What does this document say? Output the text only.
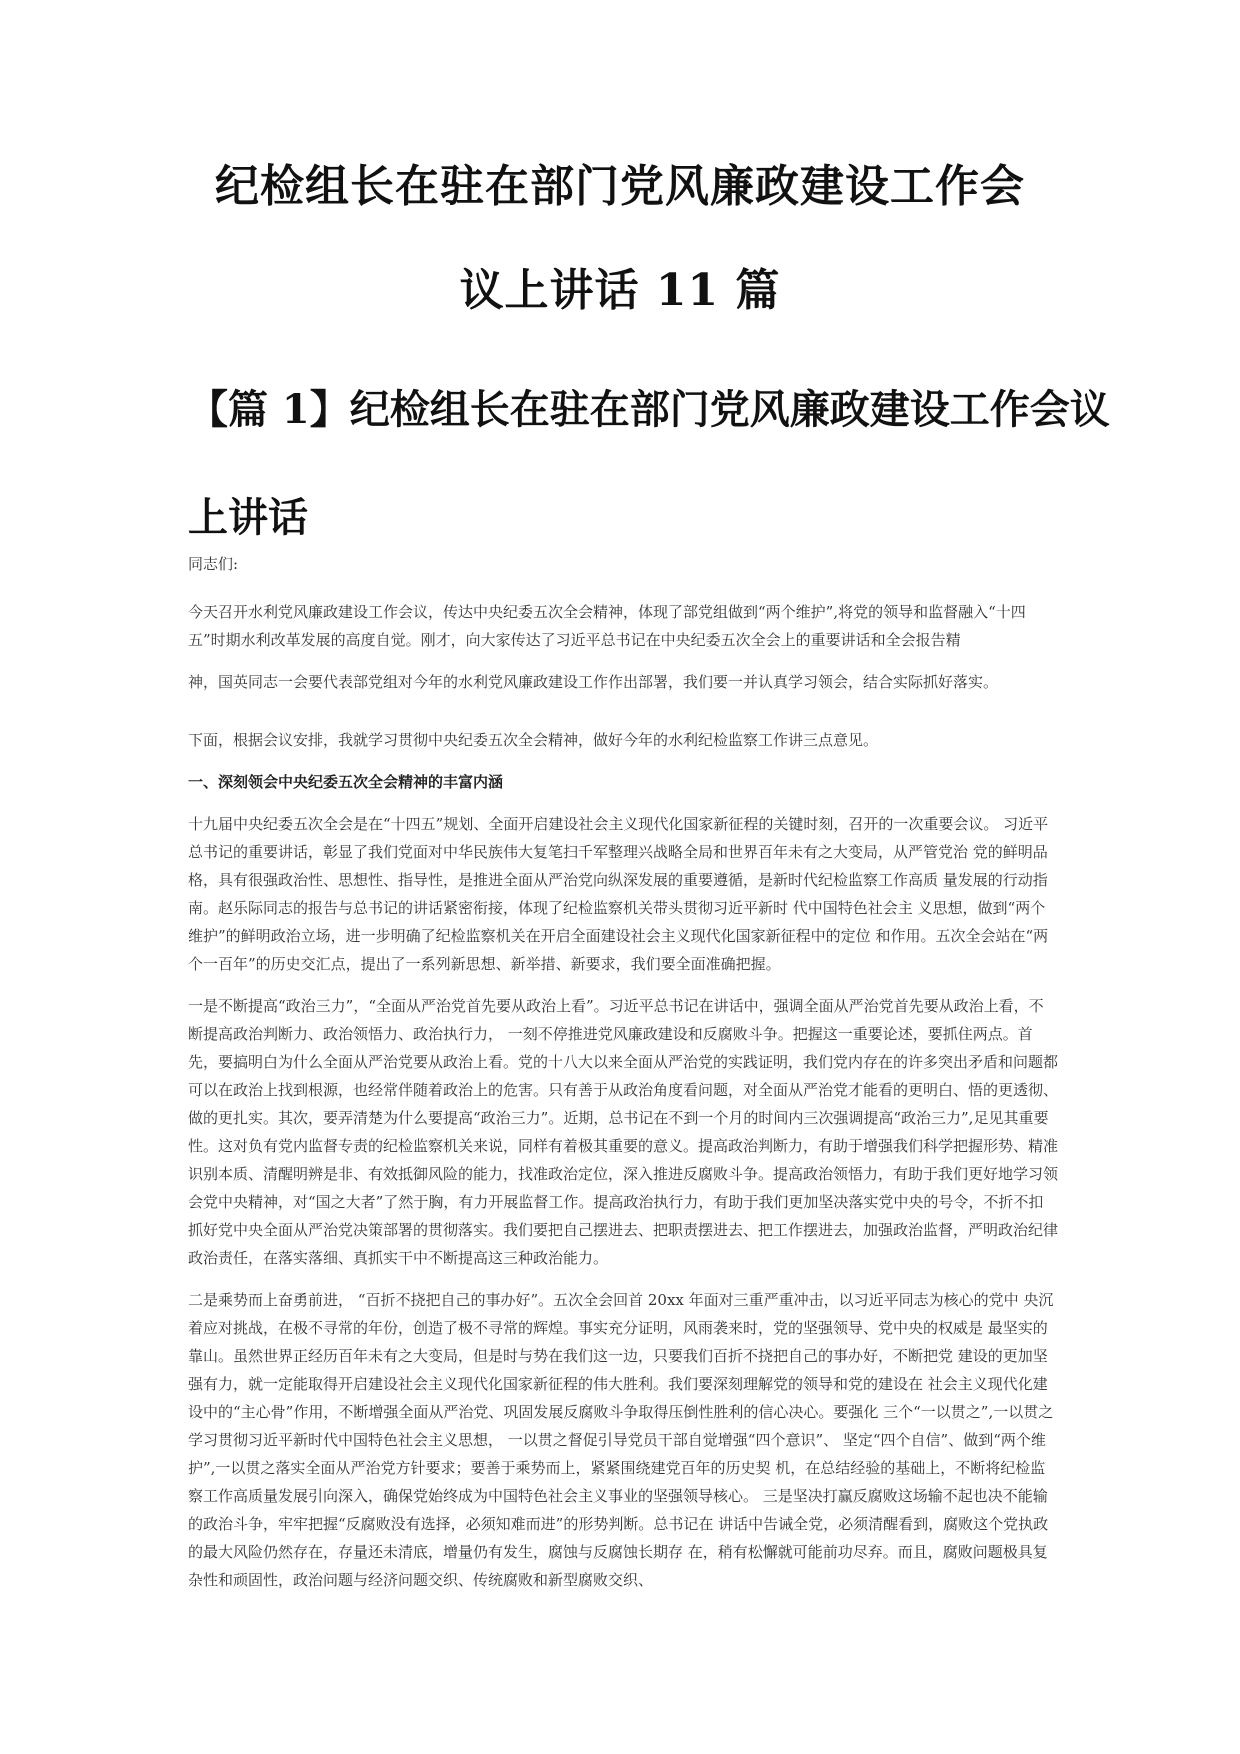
纪检组长在驻在部门党风廉政建设工作会
议上讲话 11 篇
【篇 1】纪检组长在驻在部门党风廉政建设工作会议
上讲话

同志们:

今天召开水利党风廉政建设工作会议，传达中央纪委五次全会精神，体现了部党组做到“两个维护”,将党的领导和监督融入“十四五”时期水利改革发展的高度自觉。刚才，向大家传达了习近平总书记在中央纪委五次全会上的重要讲话和全会报告精

神，国英同志一会要代表部党组对今年的水利党风廉政建设工作作出部署，我们要一并认真学习领会，结合实际抓好落实。

下面，根据会议安排，我就学习贯彻中央纪委五次全会精神，做好今年的水利纪检监察工作讲三点意见。

一、深刻领会中央纪委五次全会精神的丰富内涵

十九届中央纪委五次全会是在“十四五”规划、全面开启建设社会主义现代化国家新征程的关键时刻，召开的一次重要会议。 习近平总书记的重要讲话，彰显了我们党面对中华民族伟大复笔扫千军整理兴战略全局和世界百年未有之大变局，从严管党治 党的鲜明品格，具有很强政治性、思想性、指导性，是推进全面从严治党向纵深发展的重要遵循，是新时代纪检监察工作高质 量发展的行动指南。赵乐际同志的报告与总书记的讲话紧密衔接，体现了纪检监察机关带头贯彻习近平新时 代中国特色社会主 义思想，做到“两个维护”的鲜明政治立场，进一步明确了纪检监察机关在开启全面建设社会主义现代化国家新征程中的定位 和作用。五次全会站在“两个一百年”的历史交汇点，提出了一系列新思想、新举措、新要求，我们要全面准确把握。

一是不断提高“政治三力”，“全面从严治党首先要从政治上看”。习近平总书记在讲话中，强调全面从严治党首先要从政治上看，不断提高政治判断力、政治领悟力、政治执行力， 一刻不停推进党风廉政建设和反腐败斗争。把握这一重要论述，要抓住两点。首先，要搞明白为什么全面从严治党要从政治上看。党的十八大以来全面从严治党的实践证明，我们党内存在的许多突出矛盾和问题都可以在政治上找到根源，也经常伴随着政治上的危害。只有善于从政治角度看问题，对全面从严治党才能看的更明白、悟的更透彻、做的更扎实。其次，要弄清楚为什么要提高“政治三力”。近期，总书记在不到一个月的时间内三次强调提高“政治三力”,足见其重要性。这对负有党内监督专责的纪检监察机关来说，同样有着极其重要的意义。提高政治判断力，有助于增强我们科学把握形势、精准识别本质、清醒明辨是非、有效抵御风险的能力，找准政治定位，深入推进反腐败斗争。提高政治领悟力，有助于我们更好地学习领会党中央精神，对“国之大者”了然于胸，有力开展监督工作。提高政治执行力，有助于我们更加坚决落实党中央的号令，不折不扣抓好党中央全面从严治党决策部署的贯彻落实。我们要把自己摆进去、把职责摆进去、把工作摆进去，加强政治监督，严明政治纪律政治责任，在落实落细、真抓实干中不断提高这三种政治能力。

二是乘势而上奋勇前进， “百折不挠把自己的事办好”。五次全会回首 20xx 年面对三重严重冲击，以习近平同志为核心的党中 央沉着应对挑战，在极不寻常的年份，创造了极不寻常的辉煌。事实充分证明，风雨袭来时，党的坚强领导、党中央的权威是 最坚实的靠山。虽然世界正经历百年未有之大变局，但是时与势在我们这一边，只要我们百折不挠把自己的事办好，不断把党 建设的更加坚强有力，就一定能取得开启建设社会主义现代化国家新征程的伟大胜利。我们要深刻理解党的领导和党的建设在 社会主义现代化建设中的“主心骨”作用，不断增强全面从严治党、巩固发展反腐败斗争取得压倒性胜利的信心决心。要强化 三个“一以贯之”,一以贯之学习贯彻习近平新时代中国特色社会主义思想， 一以贯之督促引导党员干部自觉增强“四个意识”、 坚定“四个自信”、做到“两个维护”,一以贯之落实全面从严治党方针要求；要善于乘势而上，紧紧围绕建党百年的历史契 机，在总结经验的基础上，不断将纪检监察工作高质量发展引向深入，确保党始终成为中国特色社会主义事业的坚强领导核心。 三是坚决打赢反腐败这场输不起也决不能输的政治斗争，牢牢把握“反腐败没有选择，必须知难而进”的形势判断。总书记在 讲话中告诫全党，必须清醒看到，腐败这个党执政的最大风险仍然存在，存量还未清底，增量仍有发生，腐蚀与反腐蚀长期存 在，稍有松懈就可能前功尽弃。而且，腐败问题极具复杂性和顽固性，政治问题与经济问题交织、传统腐败和新型腐败交织、
